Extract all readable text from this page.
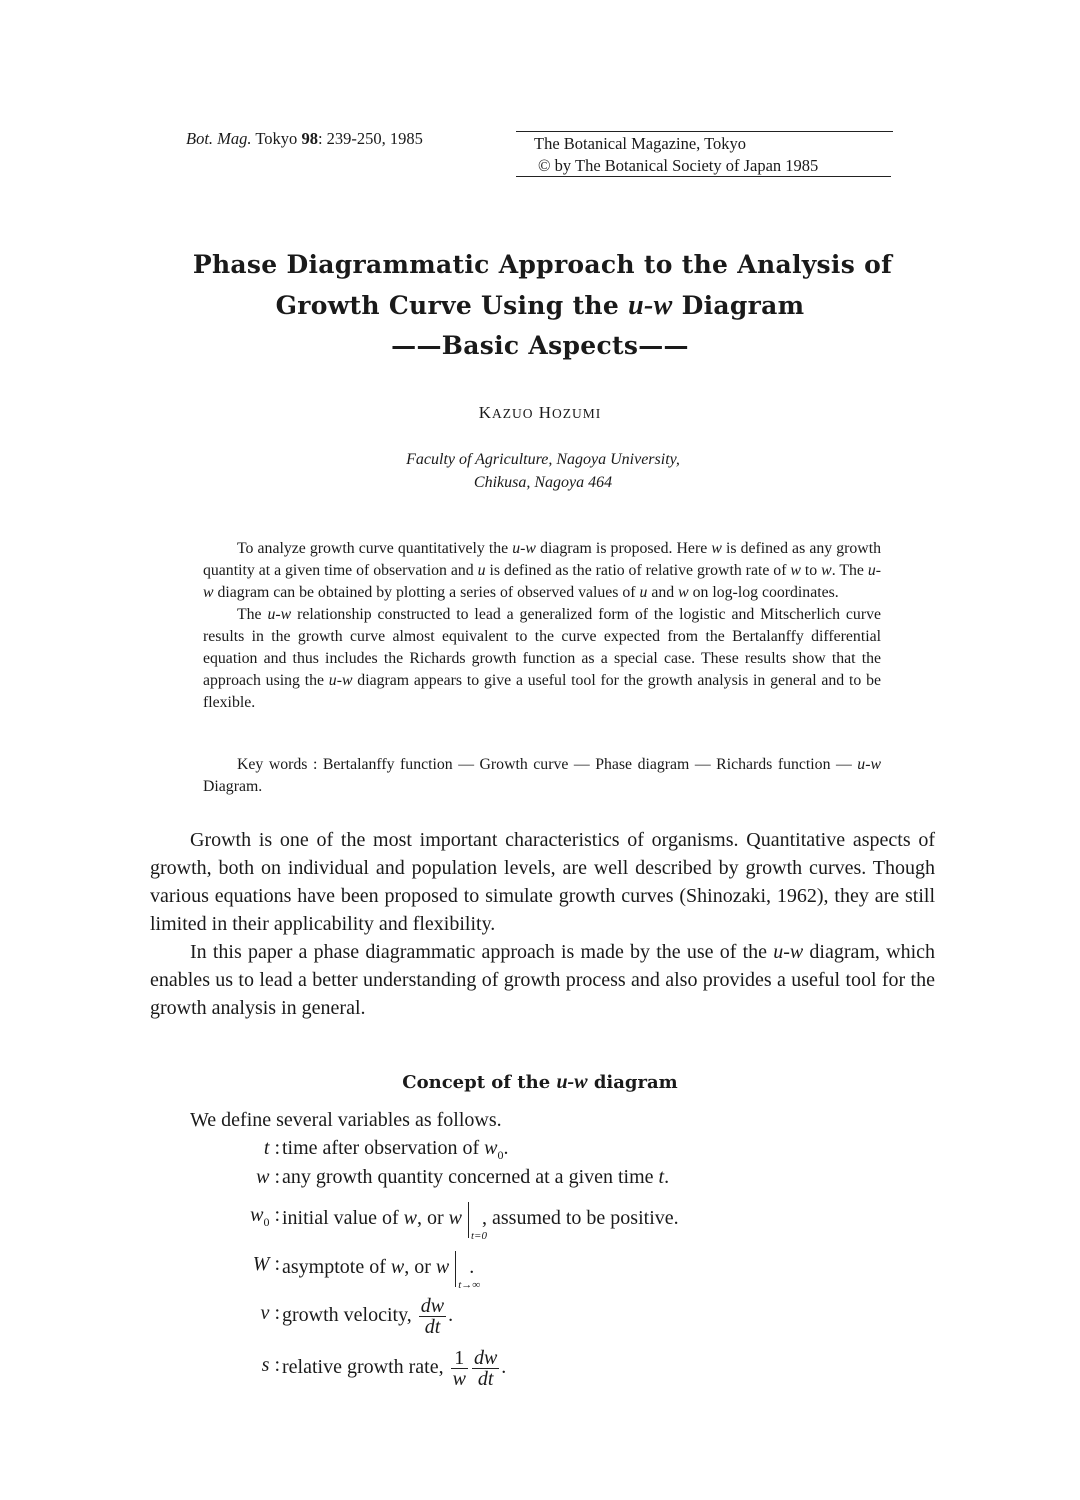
Bot. Mag. Tokyo 98: 239-250, 1985	The Botanical Magazine, Tokyo
© by The Botanical Society of Japan 1985
Phase Diagrammatic Approach to the Analysis of
Growth Curve Using the u-w Diagram
——Basic Aspects——
KAZUO HOZUMI
Faculty of Agriculture, Nagoya University,
Chikusa, Nagoya 464

To analyze growth curve quantitatively the u-w diagram is proposed. Here w is defined as any growth quantity at a given time of observation and u is defined as the ratio of relative growth rate of w to w. The u-w diagram can be obtained by plotting a series of observed values of u and w on log-log coordinates.

The u-w relationship constructed to lead a generalized form of the logistic and Mitscherlich curve results in the growth curve almost equivalent to the curve expected from the Bertalanffy differential equation and thus includes the Richards growth function as a special case. These results show that the approach using the u-w diagram appears to give a useful tool for the growth analysis in general and to be flexible.

Key words : Bertalanffy function — Growth curve — Phase diagram — Richards function — u-w Diagram.

Growth is one of the most important characteristics of organisms. Quantitative aspects of growth, both on individual and population levels, are well described by growth curves. Though various equations have been proposed to simulate growth curves (Shinozaki, 1962), they are still limited in their applicability and flexibility.

In this paper a phase diagrammatic approach is made by the use of the u-w diagram, which enables us to lead a better understanding of growth process and also provides a useful tool for the growth analysis in general.

Concept of the u-w diagram
We define several variables as follows.
t : time after observation of $w_0$.
w : any growth quantity concerned at a given time t.
$w_0$ : initial value of w, or w
t=0
, assumed to be positive.
W : asymptote of w, or w
t→∞
.
v : growth velocity, $\frac{dw}{dt}$ .
s : relative growth rate, $\frac{1}{w} \frac{dw}{dt}$ .
